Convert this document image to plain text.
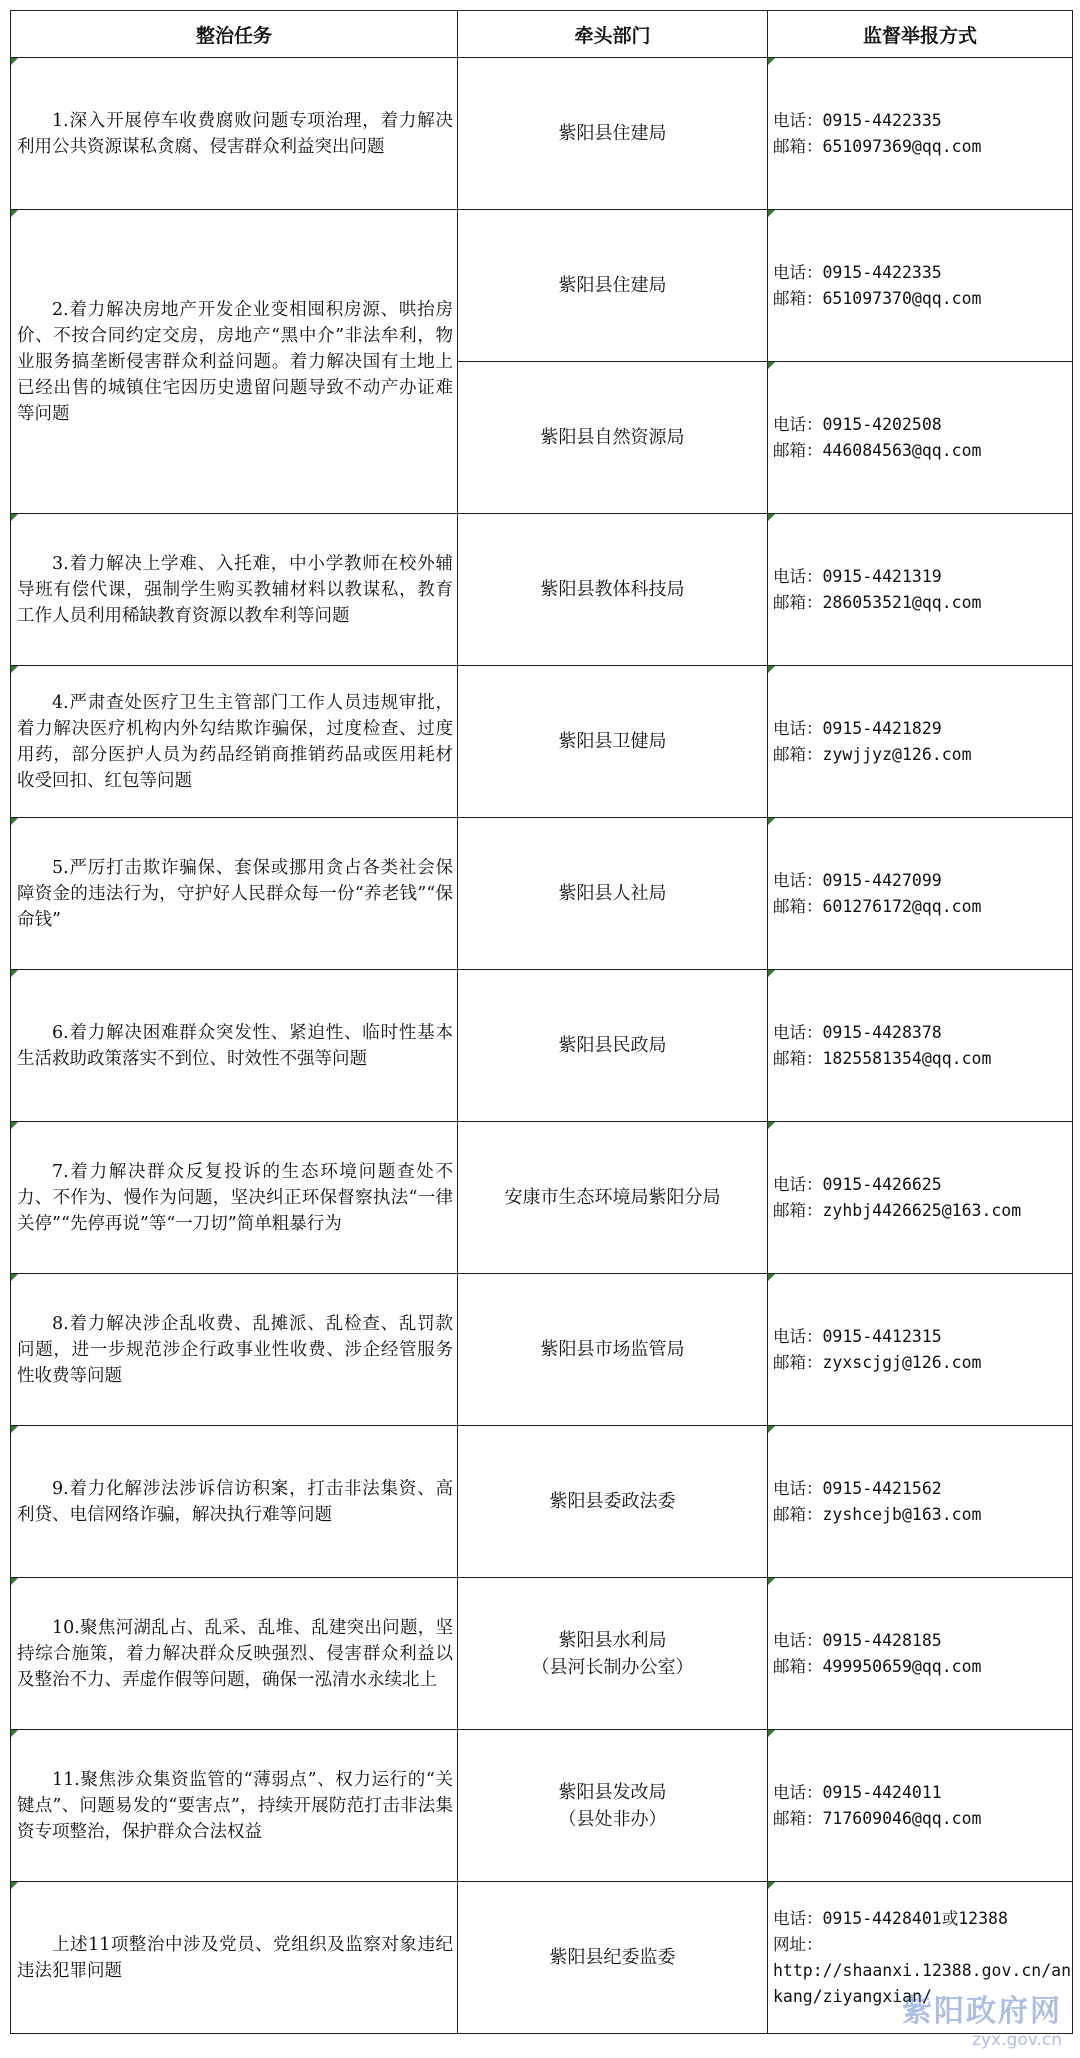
整治任务	牵头部门	监督举报方式

1.深入开展停车收费腐败问题专项治理，着力解决利用公共资源谋私贪腐、侵害群众利益突出问题	紫阳县住建局	电话：0915-4422335
邮箱：651097369@qq.com

2.着力解决房地产开发企业变相囤积房源、哄抬房价、不按合同约定交房，房地产“黑中介”非法牟利，物业服务搞垄断侵害群众利益问题。着力解决国有土地上已经出售的城镇住宅因历史遗留问题导致不动产办证难等问题	紫阳县住建局	电话：0915-4422335
邮箱：651097370@qq.com

	紫阳县自然资源局	电话：0915-4202508
邮箱：446084563@qq.com

3.着力解决上学难、入托难，中小学教师在校外辅导班有偿代课，强制学生购买教辅材料以教谋私，教育工作人员利用稀缺教育资源以教牟利等问题	紫阳县教体科技局	电话：0915-4421319
邮箱：286053521@qq.com

4.严肃查处医疗卫生主管部门工作人员违规审批，着力解决医疗机构内外勾结欺诈骗保，过度检查、过度用药，部分医护人员为药品经销商推销药品或医用耗材收受回扣、红包等问题	紫阳县卫健局	电话：0915-4421829
邮箱：zywjjyz@126.com

5.严厉打击欺诈骗保、套保或挪用贪占各类社会保障资金的违法行为，守护好人民群众每一份“养老钱”“保命钱”	紫阳县人社局	电话：0915-4427099
邮箱：601276172@qq.com

6.着力解决困难群众突发性、紧迫性、临时性基本生活救助政策落实不到位、时效性不强等问题	紫阳县民政局	电话：0915-4428378
邮箱：1825581354@qq.com

7.着力解决群众反复投诉的生态环境问题查处不力、不作为、慢作为问题，坚决纠正环保督察执法“一律关停”“先停再说”等“一刀切”简单粗暴行为	安康市生态环境局紫阳分局	电话：0915-4426625
邮箱：zyhbj4426625@163.com

8.着力解决涉企乱收费、乱摊派、乱检查、乱罚款问题，进一步规范涉企行政事业性收费、涉企经管服务性收费等问题	紫阳县市场监管局	电话：0915-4412315
邮箱：zyxscjgj@126.com

9.着力化解涉法涉诉信访积案，打击非法集资、高利贷、电信网络诈骗，解决执行难等问题	紫阳县委政法委	电话：0915-4421562
邮箱：zyshcejb@163.com

10.聚焦河湖乱占、乱采、乱堆、乱建突出问题，坚持综合施策，着力解决群众反映强烈、侵害群众利益以及整治不力、弄虚作假等问题，确保一泓清水永续北上	紫阳县水利局
（县河长制办公室）	电话：0915-4428185
邮箱：499950659@qq.com

11.聚焦涉众集资监管的“薄弱点”、权力运行的“关键点”、问题易发的“要害点”，持续开展防范打击非法集资专项整治，保护群众合法权益	紫阳县发改局
（县处非办）	电话：0915-4424011
邮箱：717609046@qq.com

上述11项整治中涉及党员、党组织及监察对象违纪违法犯罪问题	紫阳县纪委监委	电话：0915-4428401或12388
网址：
http://shaanxi.12388.gov.cn/ankang/ziyangxian/
紫阳政府网
zyx.gov.cn
